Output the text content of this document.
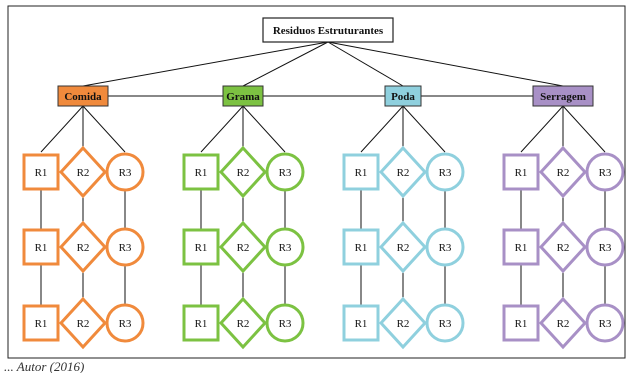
Residuos Estruturantes
Comida
R1	R2	R3
R1	R2	R3
R1	R2	R3
Grama
R1	R2	R3
R1	R2	R3
R1	R2	R3
Poda
R1	R2	R3
R1	R2	R3
R1	R2	R3
Serragem
R1	R2	R3
R1	R2	R3
R1	R2	R3
... Autor (2016)
